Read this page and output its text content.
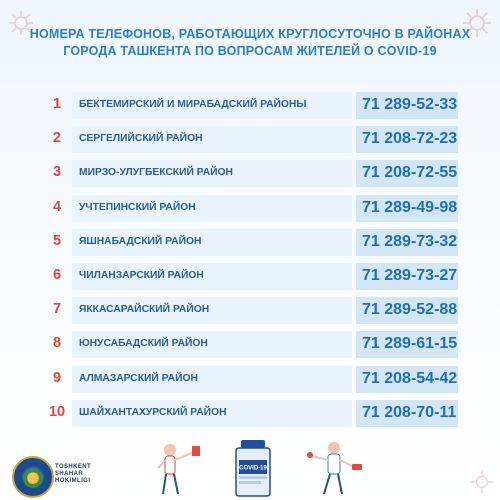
НОМЕРА ТЕЛЕФОНОВ, РАБОТАЮЩИХ КРУГЛОСУТОЧНО В РАЙОНАХ
ГОРОДА ТАШКЕНТА ПО ВОПРОСАМ ЖИТЕЛЕЙ О COVID-19
1	БЕКТЕМИРСКИЙ И МИРАБАДСКИЙ РАЙОНЫ	71 289-52-33
2	СЕРГЕЛИЙСКИЙ РАЙОН	71 208-72-23
3	МИРЗО-УЛУГБЕКСКИЙ РАЙОН	71 208-72-55
4	УЧТЕПИНСКИЙ РАЙОН	71 289-49-98
5	ЯШНАБАДСКИЙ РАЙОН	71 289-73-32
6	ЧИЛАНЗАРСКИЙ РАЙОН	71 289-73-27
7	ЯККАСАРАЙСКИЙ РАЙОН	71 289-52-88
8	ЮНУСАБАДСКИЙ РАЙОН	71 289-61-15
9	АЛМАЗАРСКИЙ РАЙОН	71 208-54-42
10 ШАЙХАНТАХУРСКИЙ РАЙОН	71 208-70-11
TOSHKENT
SHAHAR
HOKIMLIGI
COVID-19
